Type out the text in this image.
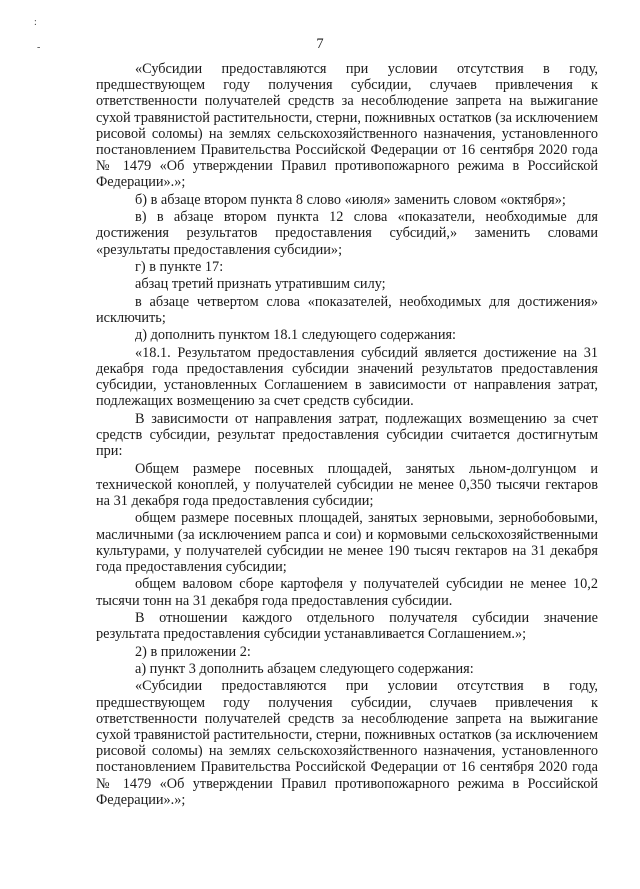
:
-	7

«Субсидии предоставляются при условии отсутствия в году, предшествующем году получения субсидии, случаев привлечения к ответственности получателей средств за несоблюдение запрета на выжигание сухой травянистой растительности, стерни, пожнивных остатков (за исключением рисовой соломы) на землях сельскохозяйственного назначения, установленного постановлением Правительства Российской Федерации от 16 сентября 2020 года № 1479 «Об утверждении Правил противопожарного режима в Российской Федерации».»;

б) в абзаце втором пункта 8 слово «июля» заменить словом «октября»;

в) в абзаце втором пункта 12 слова «показатели, необходимые для достижения результатов предоставления субсидий,» заменить словами «результаты предоставления субсидии»;

г) в пункте 17:

абзац третий признать утратившим силу;

в абзаце четвертом слова «показателей, необходимых для достижения» исключить;

д) дополнить пунктом 18.1 следующего содержания:

«18.1. Результатом предоставления субсидий является достижение на 31 декабря года предоставления субсидии значений результатов предоставления субсидии, установленных Соглашением в зависимости от направления затрат, подлежащих возмещению за счет средств субсидии.

В зависимости от направления затрат, подлежащих возмещению за счет средств субсидии, результат предоставления субсидии считается достигнутым при:

Общем размере посевных площадей, занятых льном-долгунцом и технической коноплей, у получателей субсидии не менее 0,350 тысячи гектаров на 31 декабря года предоставления субсидии;

общем размере посевных площадей, занятых зерновыми, зернобобовыми, масличными (за исключением рапса и сои) и кормовыми сельскохозяйственными культурами, у получателей субсидии не менее 190 тысяч гектаров на 31 декабря года предоставления субсидии;

общем валовом сборе картофеля у получателей субсидии не менее 10,2 тысячи тонн на 31 декабря года предоставления субсидии.

В отношении каждого отдельного получателя субсидии значение результата предоставления субсидии устанавливается Соглашением.»;

2) в приложении 2:

а) пункт 3 дополнить абзацем следующего содержания:

«Субсидии предоставляются при условии отсутствия в году, предшествующем году получения субсидии, случаев привлечения к ответственности получателей средств за несоблюдение запрета на выжигание сухой травянистой растительности, стерни, пожнивных остатков (за исключением рисовой соломы) на землях сельскохозяйственного назначения, установленного постановлением Правительства Российской Федерации от 16 сентября 2020 года № 1479 «Об утверждении Правил противопожарного режима в Российской Федерации».»;
